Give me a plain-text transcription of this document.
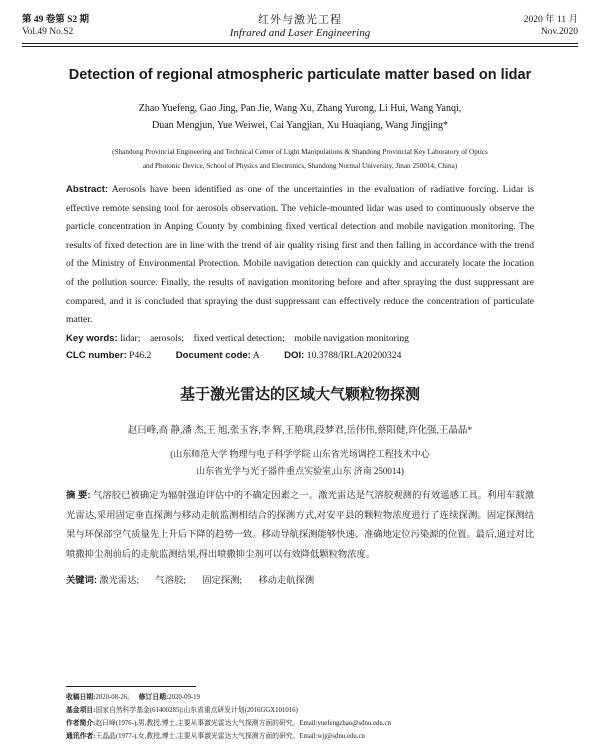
第 49 卷第 S2 期	红外与激光工程	2020 年 11 月
Vol.49 No.S2	Infrared and Laser Engineering	Nov.2020
Detection of regional atmospheric particulate matter based on lidar
Zhao Yuefeng, Gao Jing, Pan Jie, Wang Xu, Zhang Yurong, Li Hui, Wang Yanqi,
Duan Mengjun, Yue Weiwei, Cai Yangjian, Xu Huaqiang, Wang Jingjing*
(Shandong Provincial Engineering and Technical Center of Light Manipulations & Shandong Provincial Key Laboratory of Optics
and Photonic Device, School of Physics and Electronics, Shandong Normal University, Jinan 250014, China)
Abstract: Aerosols have been identified as one of the uncertainties in the evaluation of radiative forcing. Lidar is effective remote sensing tool for aerosols observation. The vehicle-mounted lidar was used to continuously observe the particle concentration in Anping County by combining fixed vertical detection and mobile navigation monitoring. The results of fixed detection are in line with the trend of air quality rising first and then falling in accordance with the trend of the Ministry of Environmental Protection. Mobile navigation detection can quickly and accurately locate the location of the pollution source. Finally, the results of navigation monitoring before and after spraying the dust suppressant are compared, and it is concluded that spraying the dust suppressant can effectively reduce the concentration of particulate matter.
Key words: lidar; aerosols; fixed vertical detection; mobile navigation monitoring
CLC number: P46.2	Document code: A	DOI: 10.3788/IRLA20200324
基于激光雷达的区域大气颗粒物探测
赵曰峰,高 静,潘 杰,王 旭,张玉容,李 辉,王艳琪,段梦君,岳伟伟,蔡阳健,许化强,王晶晶*
(山东师范大学 物理与电子科学学院 山东省光场调控工程技术中心
山东省光学与光子器件重点实验室,山东 济南 250014)
摘 要: 气溶胶已被确定为辐射强迫评估中的不确定因素之一。激光雷达是气溶胶观测的有效遥感工具。利用车载激光雷达,采用固定垂直探测与移动走航监测相结合的探测方式,对安平县的颗粒物浓度进行了连续探测。固定探测结果与环保部空气质量先上升后下降的趋势一致。移动导航探测能够快速、准确地定位污染源的位置。最后,通过对比喷撒抑尘剂前后的走航监测结果,得出喷撒抑尘剂可以有效降低颗粒物浓度。
关键词: 激光雷达; 气溶胶; 固定探测; 移动走航探测
收稿日期:2020-08-26; 修订日期:2020-09-19
基金项目:国家自然科学基金(61400285);山东省重点研发计划(2016GGX101016)
作者简介:赵曰峰(1976-),男,教授,博士,主要从事激光雷达大气探测方面的研究。Email:yuefengzhao@sdnu.edu.cn
通讯作者:王晶晶(1977-),女,教授,博士,主要从事激光雷达大气探测方面的研究。Email:wjj@sdnu.edu.cn
